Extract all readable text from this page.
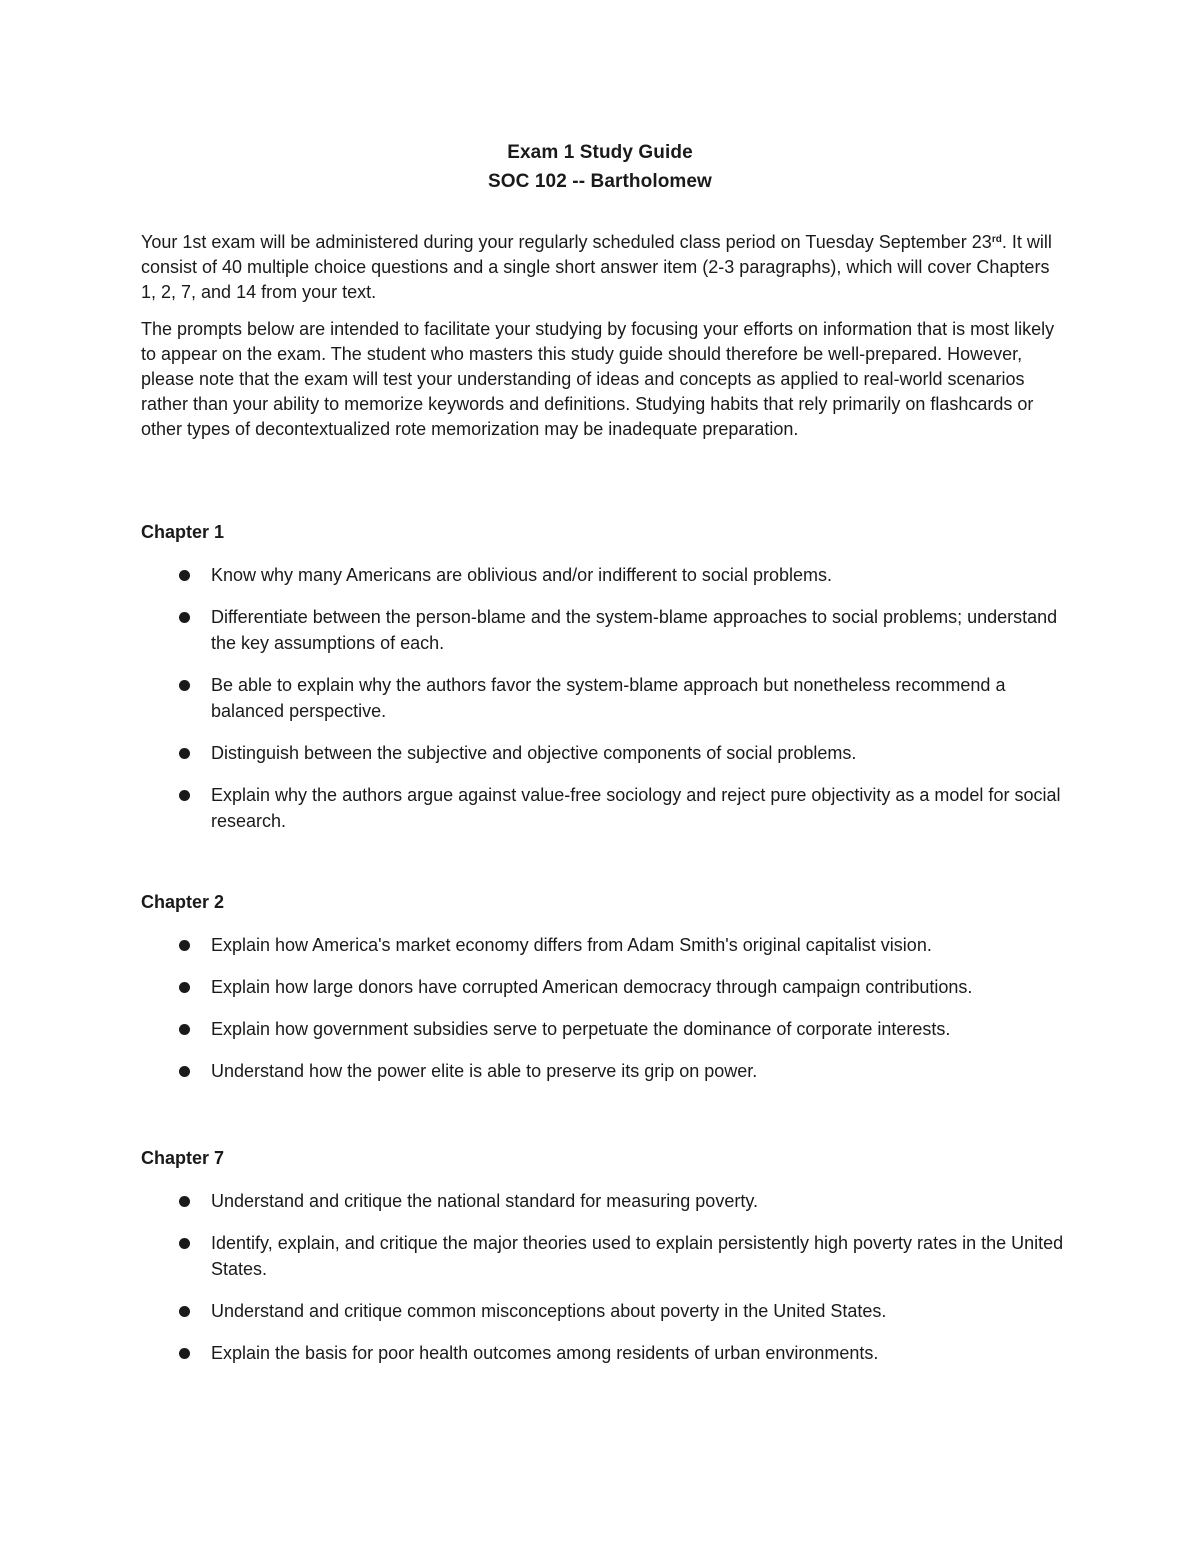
Exam 1 Study Guide
SOC 102 -- Bartholomew

Your 1st exam will be administered during your regularly scheduled class period on Tuesday September 23rd. It will consist of 40 multiple choice questions and a single short answer item (2-3 paragraphs), which will cover Chapters 1, 2, 7, and 14 from your text.

The prompts below are intended to facilitate your studying by focusing your efforts on information that is most likely to appear on the exam. The student who masters this study guide should therefore be well-prepared. However, please note that the exam will test your understanding of ideas and concepts as applied to real-world scenarios rather than your ability to memorize keywords and definitions. Studying habits that rely primarily on flashcards or other types of decontextualized rote memorization may be inadequate preparation.

Chapter 1
Know why many Americans are oblivious and/or indifferent to social problems.
Differentiate between the person-blame and the system-blame approaches to social problems; understand the key assumptions of each.
Be able to explain why the authors favor the system-blame approach but nonetheless recommend a balanced perspective.
Distinguish between the subjective and objective components of social problems.
Explain why the authors argue against value-free sociology and reject pure objectivity as a model for social research.
Chapter 2
Explain how America's market economy differs from Adam Smith's original capitalist vision.
Explain how large donors have corrupted American democracy through campaign contributions.
Explain how government subsidies serve to perpetuate the dominance of corporate interests.
Understand how the power elite is able to preserve its grip on power.
Chapter 7
Understand and critique the national standard for measuring poverty.
Identify, explain, and critique the major theories used to explain persistently high poverty rates in the United States.
Understand and critique common misconceptions about poverty in the United States.
Explain the basis for poor health outcomes among residents of urban environments.
